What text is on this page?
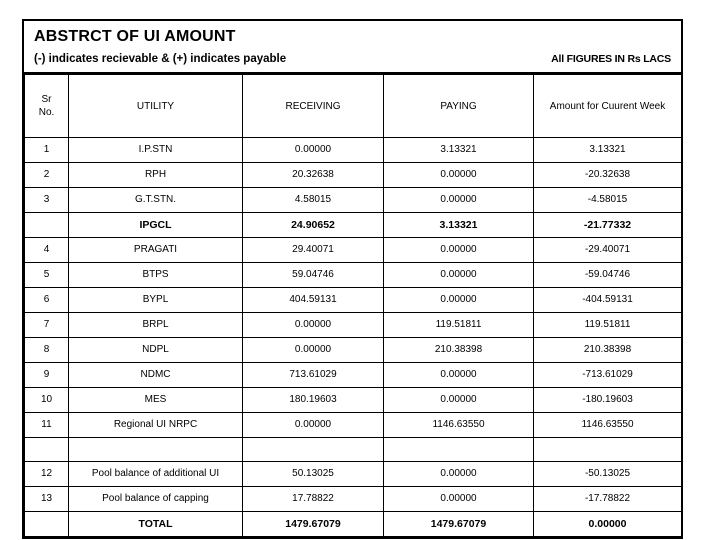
ABSTRCT OF UI AMOUNT
(-) indicates recievable & (+) indicates payable	All FIGURES IN Rs LACS
Sr
No.	UTILITY	RECEIVING	PAYING	Amount for Cuurent Week
1	I.P.STN	0.00000	3.13321	3.13321
2	RPH	20.32638	0.00000	-20.32638
3	G.T.STN.	4.58015	0.00000	-4.58015
	IPGCL	24.90652	3.13321	-21.77332
4	PRAGATI	29.40071	0.00000	-29.40071
5	BTPS	59.04746	0.00000	-59.04746
6	BYPL	404.59131	0.00000	-404.59131
7	BRPL	0.00000	119.51811	119.51811
8	NDPL	0.00000	210.38398	210.38398
9	NDMC	713.61029	0.00000	-713.61029
10	MES	180.19603	0.00000	-180.19603
11	Regional UI NRPC	0.00000	1146.63550	1146.63550

12	Pool balance of additional UI	50.13025	0.00000	-50.13025
13	Pool balance of capping	17.78822	0.00000	-17.78822
	TOTAL	1479.67079	1479.67079	0.00000
